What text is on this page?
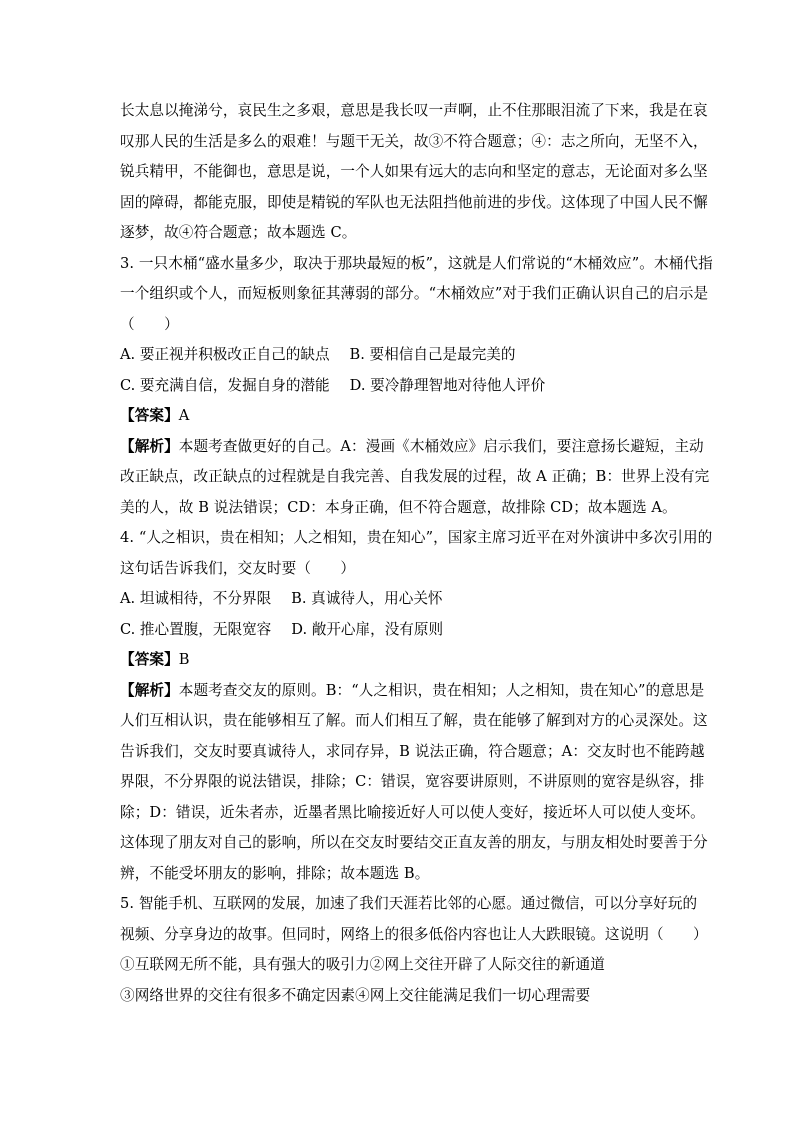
长太息以掩涕兮，哀民生之多艰，意思是我长叹一声啊，止不住那眼泪流了下来，我是在哀
叹那人民的生活是多么的艰难！与题干无关，故③不符合题意；④：志之所向，无坚不入，
锐兵精甲，不能御也，意思是说，一个人如果有远大的志向和坚定的意志，无论面对多么坚
固的障碍，都能克服，即使是精锐的军队也无法阻挡他前进的步伐。这体现了中国人民不懈
逐梦，故④符合题意；故本题选 C。
3. 一只木桶“盛水量多少，取决于那块最短的板”，这就是人们常说的“木桶效应”。木桶代指
一个组织或个人，而短板则象征其薄弱的部分。“木桶效应”对于我们正确认识自己的启示是
（　　）
A. 要正视并积极改正自己的缺点 B. 要相信自己是最完美的
C. 要充满自信，发掘自身的潜能 D. 要冷静理智地对待他人评价
【答案】A
【解析】本题考查做更好的自己。A：漫画《木桶效应》启示我们，要注意扬长避短，主动
改正缺点，改正缺点的过程就是自我完善、自我发展的过程，故 A 正确；B：世界上没有完
美的人，故 B 说法错误；CD：本身正确，但不符合题意，故排除 CD；故本题选 A。
4. “人之相识，贵在相知；人之相知，贵在知心”，国家主席习近平在对外演讲中多次引用的
这句话告诉我们，交友时要（　　）
A. 坦诚相待，不分界限 B. 真诚待人，用心关怀
C. 推心置腹，无限宽容 D. 敞开心扉，没有原则
【答案】B
【解析】本题考查交友的原则。B：“人之相识，贵在相知；人之相知，贵在知心”的意思是
人们互相认识，贵在能够相互了解。而人们相互了解，贵在能够了解到对方的心灵深处。这
告诉我们，交友时要真诚待人，求同存异，B 说法正确，符合题意；A：交友时也不能跨越
界限，不分界限的说法错误，排除；C：错误，宽容要讲原则，不讲原则的宽容是纵容，排
除；D：错误，近朱者赤，近墨者黑比喻接近好人可以使人变好，接近坏人可以使人变坏。
这体现了朋友对自己的影响，所以在交友时要结交正直友善的朋友，与朋友相处时要善于分
辨，不能受坏朋友的影响，排除；故本题选 B。
5. 智能手机、互联网的发展，加速了我们天涯若比邻的心愿。通过微信，可以分享好玩的
视频、分享身边的故事。但同时，网络上的很多低俗内容也让人大跌眼镜。这说明（　　）
①互联网无所不能，具有强大的吸引力②网上交往开辟了人际交往的新通道
③网络世界的交往有很多不确定因素④网上交往能满足我们一切心理需要
